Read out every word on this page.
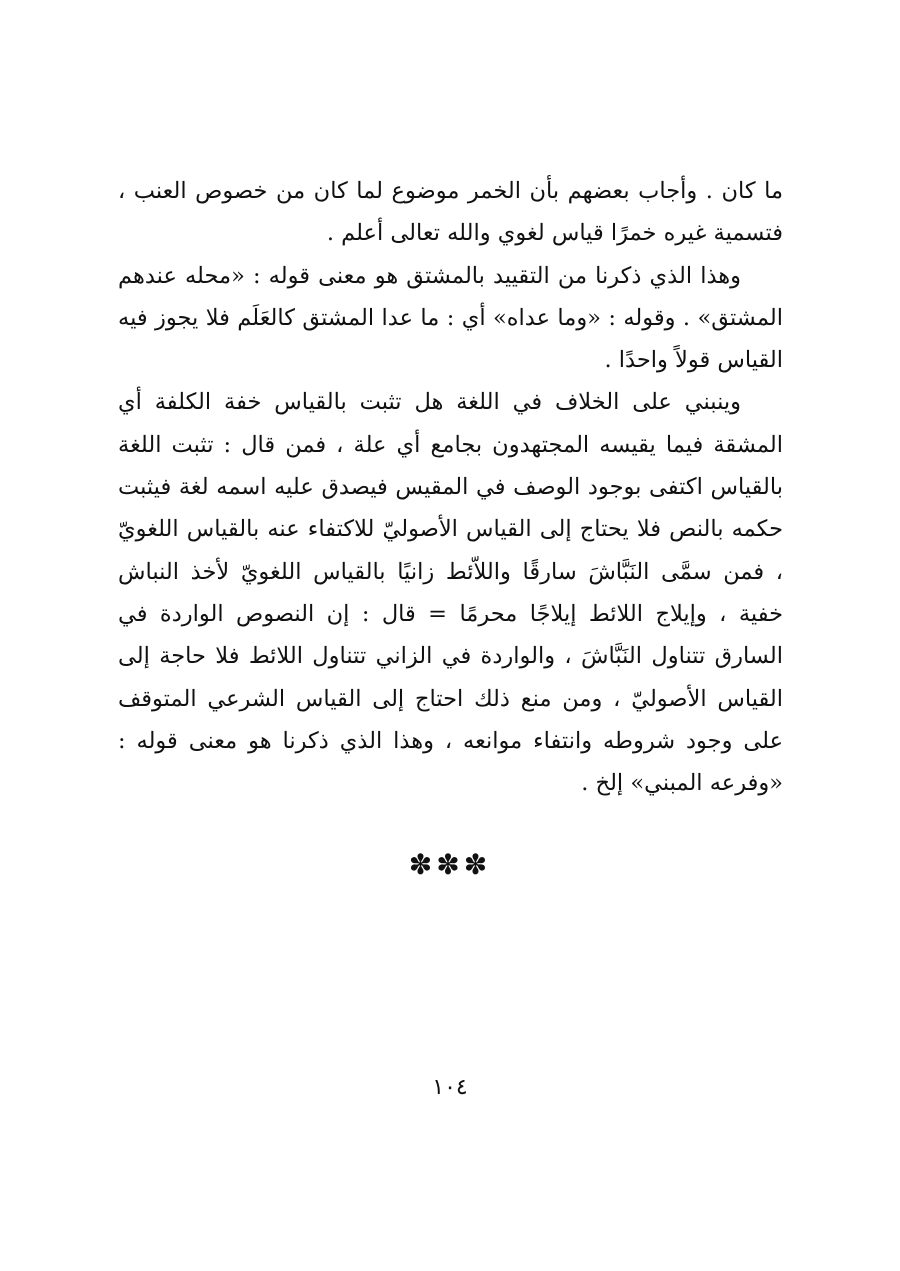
ما كان . وأجاب بعضهم بأن الخمر موضوع لما كان من خصوص العنب ، فتسمية غيره خمرًا قياس لغوي والله تعالى أعلم .

وهذا الذي ذكرنا من التقييد بالمشتق هو معنى قوله : «محله عندهم المشتق» . وقوله : «وما عداه» أي : ما عدا المشتق كالعَلَم فلا يجوز فيه القياس قولاً واحدًا .

وينبني على الخلاف في اللغة هل تثبت بالقياس خفة الكلفة أي المشقة فيما يقيسه المجتهدون بجامع أي علة ، فمن قال : تثبت اللغة بالقياس اكتفى بوجود الوصف في المقيس فيصدق عليه اسمه لغة فيثبت حكمه بالنص فلا يحتاج إلى القياس الأصوليّ للاكتفاء عنه بالقياس اللغويّ ، فمن سمَّى النَبَّاشَ سارقًا واللاّئط زانيًا بالقياس اللغويّ لأخذ النباش خفية ، وإيلاج اللائط إيلاجًا محرمًا = قال : إن النصوص الواردة في السارق تتناول النَبَّاشَ ، والواردة في الزاني تتناول اللائط فلا حاجة إلى القياس الأصوليّ ، ومن منع ذلك احتاج إلى القياس الشرعي المتوقف على وجود شروطه وانتفاء موانعه ، وهذا الذي ذكرنا هو معنى قوله : «وفرعه المبني» إلخ .

✽✽✽
١٠٤
